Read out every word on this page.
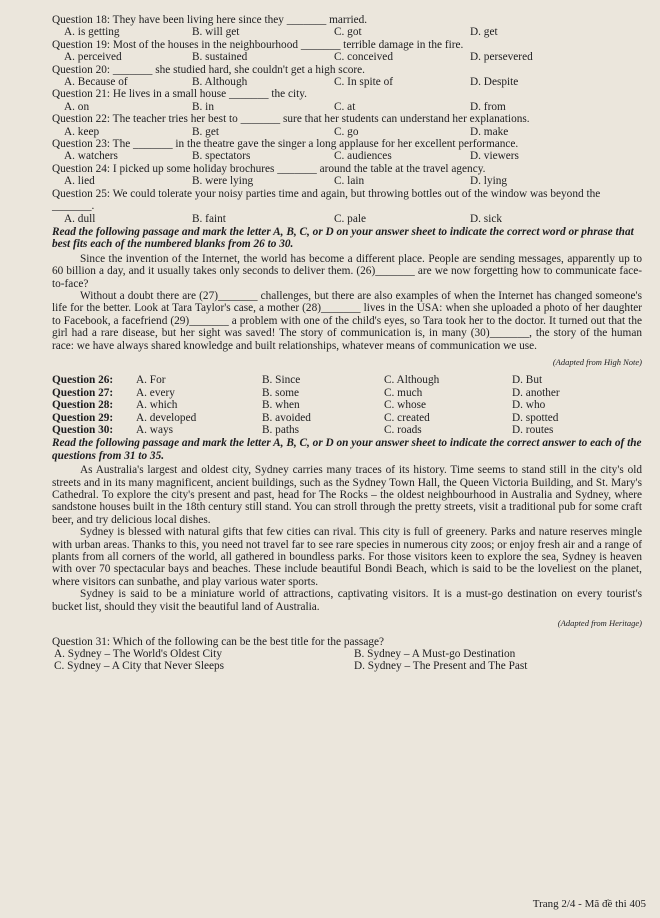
Question 18: They have been living here since they _______ married.
A. is getting	B. will get	C. got	D. get
Question 19: Most of the houses in the neighbourhood _______ terrible damage in the fire.
A. perceived	B. sustained	C. conceived	D. persevered
Question 20: _______ she studied hard, she couldn't get a high score.
A. Because of	B. Although	C. In spite of	D. Despite
Question 21: He lives in a small house _______ the city.
A. on	B. in	C. at	D. from
Question 22: The teacher tries her best to _______ sure that her students can understand her explanations.
A. keep	B. get	C. go	D. make
Question 23: The _______ in the theatre gave the singer a long applause for her excellent performance.
A. watchers	B. spectators	C. audiences	D. viewers
Question 24: I picked up some holiday brochures _______ around the table at the travel agency.
A. lied	B. were lying	C. lain	D. lying
Question 25: We could tolerate your noisy parties time and again, but throwing bottles out of the window was beyond the _______.
A. dull	B. faint	C. pale	D. sick

Read the following passage and mark the letter A, B, C, or D on your answer sheet to indicate the correct word or phrase that best fits each of the numbered blanks from 26 to 30.

Since the invention of the Internet, the world has become a different place. People are sending messages, apparently up to 60 billion a day, and it usually takes only seconds to deliver them. (26)_______ are we now forgetting how to communicate face-to-face?

Without a doubt there are (27)_______ challenges, but there are also examples of when the Internet has changed someone's life for the better. Look at Tara Taylor's case, a mother (28)_______ lives in the USA: when she uploaded a photo of her daughter to Facebook, a facefriend (29)_______ a problem with one of the child's eyes, so Tara took her to the doctor. It turned out that the girl had a rare disease, but her sight was saved! The story of communication is, in many (30)_______, the story of the human race: we have always shared knowledge and built relationships, whatever means of communication we use.

(Adapted from High Note)

Question 26:	A. For	B. Since	C. Although	D. But
Question 27:	A. every	B. some	C. much	D. another
Question 28:	A. which	B. when	C. whose	D. who
Question 29:	A. developed	B. avoided	C. created	D. spotted
Question 30:	A. ways	B. paths	C. roads	D. routes

Read the following passage and mark the letter A, B, C, or D on your answer sheet to indicate the correct answer to each of the questions from 31 to 35.

As Australia's largest and oldest city, Sydney carries many traces of its history. Time seems to stand still in the city's old streets and in its many magnificent, ancient buildings, such as the Sydney Town Hall, the Queen Victoria Building, and St. Mary's Cathedral. To explore the city's present and past, head for The Rocks – the oldest neighbourhood in Australia and Sydney, where sandstone houses built in the 18th century still stand. You can stroll through the pretty streets, visit a traditional pub for some craft beer, and try delicious local dishes.

Sydney is blessed with natural gifts that few cities can rival. This city is full of greenery. Parks and nature reserves mingle with urban areas. Thanks to this, you need not travel far to see rare species in numerous city zoos; or enjoy fresh air and a range of plants from all corners of the world, all gathered in boundless parks. For those visitors keen to explore the sea, Sydney is heaven with over 70 spectacular bays and beaches. These include beautiful Bondi Beach, which is said to be the loveliest on the planet, where visitors can sunbathe, and play various water sports.

Sydney is said to be a miniature world of attractions, captivating visitors. It is a must-go destination on every tourist's bucket list, should they visit the beautiful land of Australia.

(Adapted from Heritage)

Question 31: Which of the following can be the best title for the passage?
A. Sydney – The World's Oldest City	B. Sydney – A Must-go Destination
C. Sydney – A City that Never Sleeps	D. Sydney – The Present and The Past
Trang 2/4 - Mã đề thi 405
